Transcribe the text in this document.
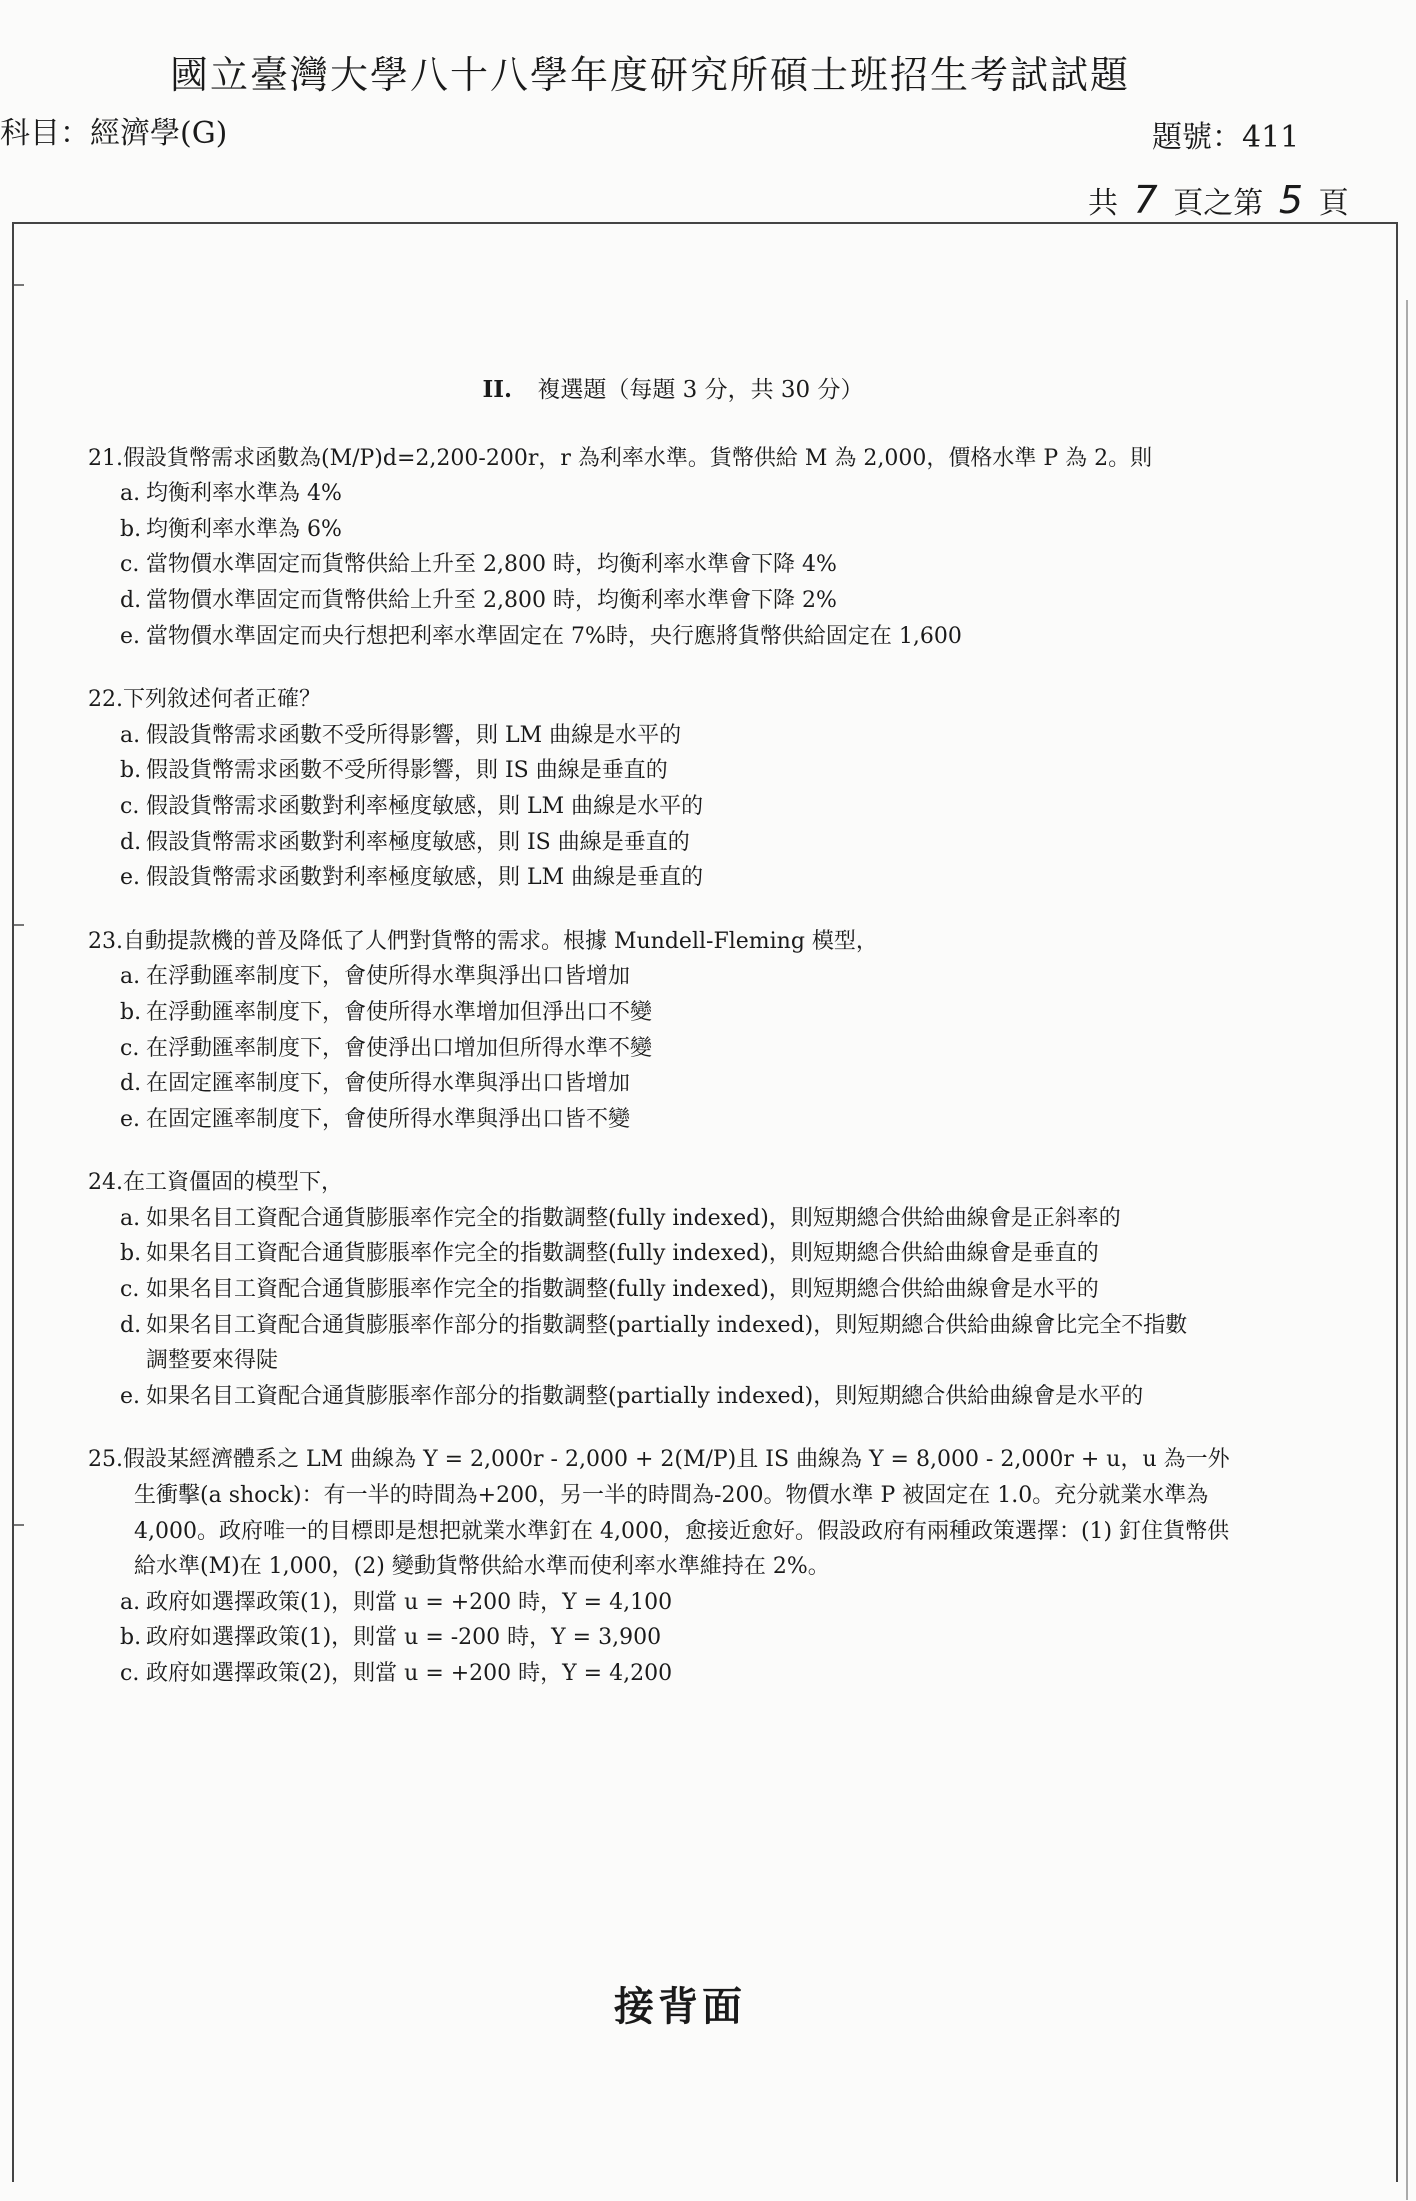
國立臺灣大學八十八學年度研究所碩士班招生考試試題
科目：經濟學(G)	題號：411
共 7 頁之第 5 頁
II. 複選題（每題 3 分，共 30 分）
21.假設貨幣需求函數為(M/P)d=2,200-200r，r 為利率水準。貨幣供給 M 為 2,000，價格水準 P 為 2。則
a. 均衡利率水準為 4%
b. 均衡利率水準為 6%
c. 當物價水準固定而貨幣供給上升至 2,800 時，均衡利率水準會下降 4%
d. 當物價水準固定而貨幣供給上升至 2,800 時，均衡利率水準會下降 2%
e. 當物價水準固定而央行想把利率水準固定在 7%時，央行應將貨幣供給固定在 1,600
22.下列敘述何者正確？
a. 假設貨幣需求函數不受所得影響，則 LM 曲線是水平的
b. 假設貨幣需求函數不受所得影響，則 IS 曲線是垂直的
c. 假設貨幣需求函數對利率極度敏感，則 LM 曲線是水平的
d. 假設貨幣需求函數對利率極度敏感，則 IS 曲線是垂直的
e. 假設貨幣需求函數對利率極度敏感，則 LM 曲線是垂直的
23.自動提款機的普及降低了人們對貨幣的需求。根據 Mundell-Fleming 模型，
a. 在浮動匯率制度下，會使所得水準與淨出口皆增加
b. 在浮動匯率制度下，會使所得水準增加但淨出口不變
c. 在浮動匯率制度下，會使淨出口增加但所得水準不變
d. 在固定匯率制度下，會使所得水準與淨出口皆增加
e. 在固定匯率制度下，會使所得水準與淨出口皆不變
24.在工資僵固的模型下，
a. 如果名目工資配合通貨膨脹率作完全的指數調整(fully indexed)，則短期總合供給曲線會是正斜率的
b. 如果名目工資配合通貨膨脹率作完全的指數調整(fully indexed)，則短期總合供給曲線會是垂直的
c. 如果名目工資配合通貨膨脹率作完全的指數調整(fully indexed)，則短期總合供給曲線會是水平的
d. 如果名目工資配合通貨膨脹率作部分的指數調整(partially indexed)，則短期總合供給曲線會比完全不指數調整要來得陡
e. 如果名目工資配合通貨膨脹率作部分的指數調整(partially indexed)，則短期總合供給曲線會是水平的
25.假設某經濟體系之 LM 曲線為 Y = 2,000r - 2,000 + 2(M/P)且 IS 曲線為 Y = 8,000 - 2,000r + u，u 為一外生衝擊(a shock)：有一半的時間為+200，另一半的時間為-200。物價水準 P 被固定在 1.0。充分就業水準為 4,000。政府唯一的目標即是想把就業水準釘在 4,000，愈接近愈好。假設政府有兩種政策選擇：(1) 釘住貨幣供給水準(M)在 1,000，(2) 變動貨幣供給水準而使利率水準維持在 2%。
a. 政府如選擇政策(1)，則當 u = +200 時，Y = 4,100
b. 政府如選擇政策(1)，則當 u = -200 時，Y = 3,900
c. 政府如選擇政策(2)，則當 u = +200 時，Y = 4,200
接背面
